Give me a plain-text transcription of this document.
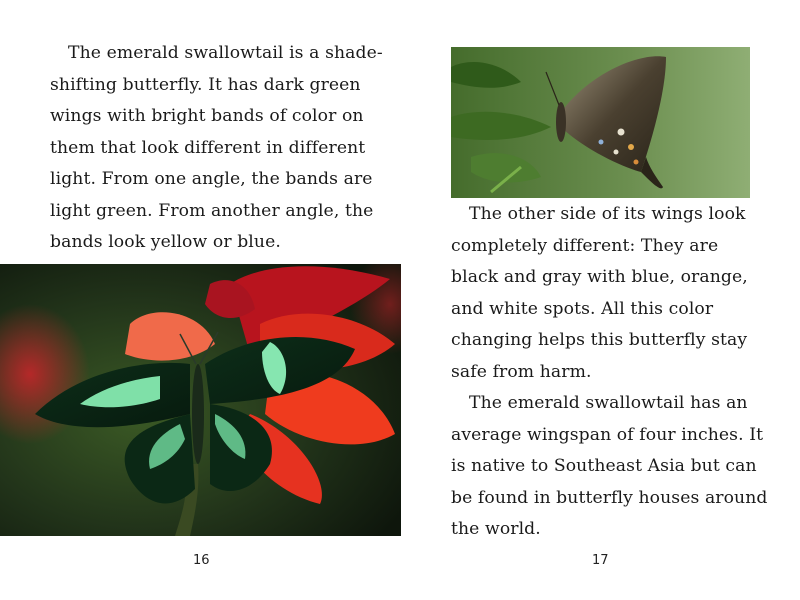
The emerald swallowtail is a shade-shifting butterfly. It has dark green wings with bright bands of color on them that look different in different light. From one angle, the bands are light green. From another angle, the bands look yellow or blue.

16

The other side of its wings look completely different: They are black and gray with blue, orange, and white spots. All this color changing helps this butterfly stay safe from harm.

The emerald swallowtail has an average wingspan of four inches. It is native to Southeast Asia but can be found in butterfly houses around the world.

17
